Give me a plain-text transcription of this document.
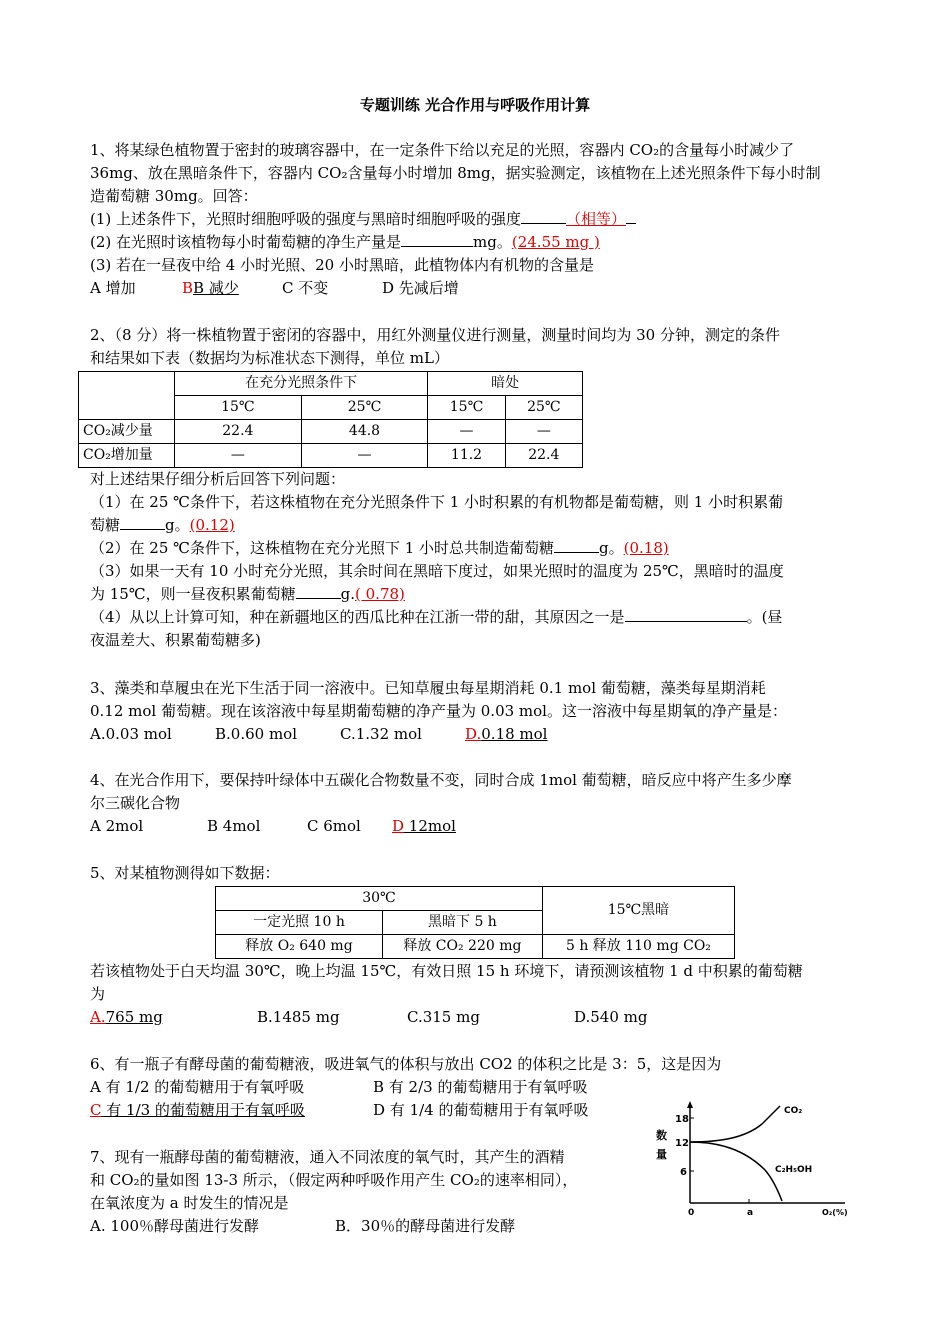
专题训练 光合作用与呼吸作用计算
1、将某绿色植物置于密封的玻璃容器中，在一定条件下给以充足的光照，容器内 CO₂的含量每小时减少了
36mg、放在黑暗条件下，容器内 CO₂含量每小时增加 8mg，据实验测定，该植物在上述光照条件下每小时制
造葡萄糖 30mg。回答：
(1) 上述条件下，光照时细胞呼吸的强度与黑暗时细胞呼吸的强度	（相等）
(2) 在光照时该植物每小时葡萄糖的净生产量是	mg。(24.55 mg )
(3) 若在一昼夜中给 4 小时光照、20 小时黑暗，此植物体内有机物的含量是
A 增加	BB 减少	C 不变	D 先减后增
2、（8 分）将一株植物置于密闭的容器中，用红外测量仪进行测量，测量时间均为 30 分钟，测定的条件
和结果如下表（数据均为标准状态下测得，单位 mL）
	在充分光照条件下		暗处	
	15℃	25℃	15℃	25℃
CO₂减少量	22.4	44.8	—	—
CO₂增加量	—	—	11.2	22.4
对上述结果仔细分析后回答下列问题：
（1）在 25 ℃条件下，若这株植物在充分光照条件下 1 小时积累的有机物都是葡萄糖，则 1 小时积累葡
萄糖	g。(0.12)
（2）在 25 ℃条件下，这株植物在充分光照下 1 小时总共制造葡萄糖	g。(0.18)
（3）如果一天有 10 小时充分光照，其余时间在黑暗下度过，如果光照时的温度为 25℃，黑暗时的温度
为 15℃，则一昼夜积累葡萄糖	g.( 0.78)
（4）从以上计算可知，种在新疆地区的西瓜比种在江浙一带的甜，其原因之一是	。(昼
夜温差大、积累葡萄糖多)
3、藻类和草履虫在光下生活于同一溶液中。已知草履虫每星期消耗 0.1 mol 葡萄糖，藻类每星期消耗
0.12 mol 葡萄糖。现在该溶液中每星期葡萄糖的净产量为 0.03 mol。这一溶液中每星期氧的净产量是：
A.0.03 mol	B.0.60 mol	C.1.32 mol	D.0.18 mol
4、在光合作用下，要保持叶绿体中五碳化合物数量不变，同时合成 1mol 葡萄糖，暗反应中将产生多少摩
尔三碳化合物
A 2mol	B 4mol	C 6mol D 12mol
5、对某植物测得如下数据：
30℃		15℃黑暗
一定光照 10 h	黑暗下 5 h	
释放 O₂ 640 mg	释放 CO₂ 220 mg	5 h 释放 110 mg CO₂
若该植物处于白天均温 30℃，晚上均温 15℃，有效日照 15 h 环境下，请预测该植物 1 d 中积累的葡萄糖
为
A.765 mg	B.1485 mg	C.315 mg	D.540 mg
6、有一瓶子有酵母菌的葡萄糖液，吸进氧气的体积与放出 CO2 的体积之比是 3：5，这是因为
A 有 1/2 的葡萄糖用于有氧呼吸	B 有 2/3 的葡萄糖用于有氧呼吸
C 有 1/3 的葡萄糖用于有氧呼吸	D 有 1/4 的葡萄糖用于有氧呼吸
7、现有一瓶酵母菌的葡萄糖液，通入不同浓度的氧气时，其产生的酒精
和 CO₂的量如图 13-3 所示，（假定两种呼吸作用产生 CO₂的速率相同），
在氧浓度为 a 时发生的情况是
A. 100％酵母菌进行发酵	B．30％的酵母菌进行发酵
数
量
18
12
6
0	a	O₂(%)
CO₂
C₂H₅OH
